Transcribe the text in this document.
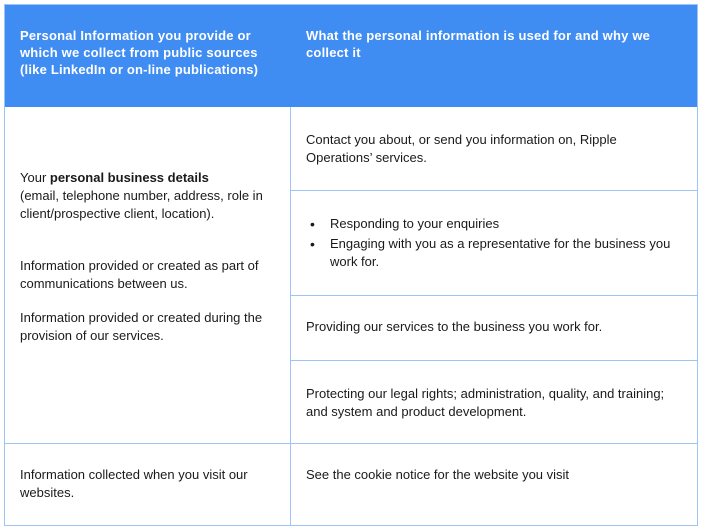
Personal Information you provide or which we collect from public sources (like LinkedIn or on-line publications)
What the personal information is used for and why we collect it
Your personal business details
(email, telephone number, address, role in client/prospective client, location).
Information provided or created as part of communications between us.
Information provided or created during the provision of our services.
Contact you about, or send you information on, Ripple Operations’ services.
• Responding to your enquiries
• Engaging with you as a representative for the business you work for.
Providing our services to the business you work for.
Protecting our legal rights; administration, quality, and training; and system and product development.
Information collected when you visit our websites.
See the cookie notice for the website you visit
